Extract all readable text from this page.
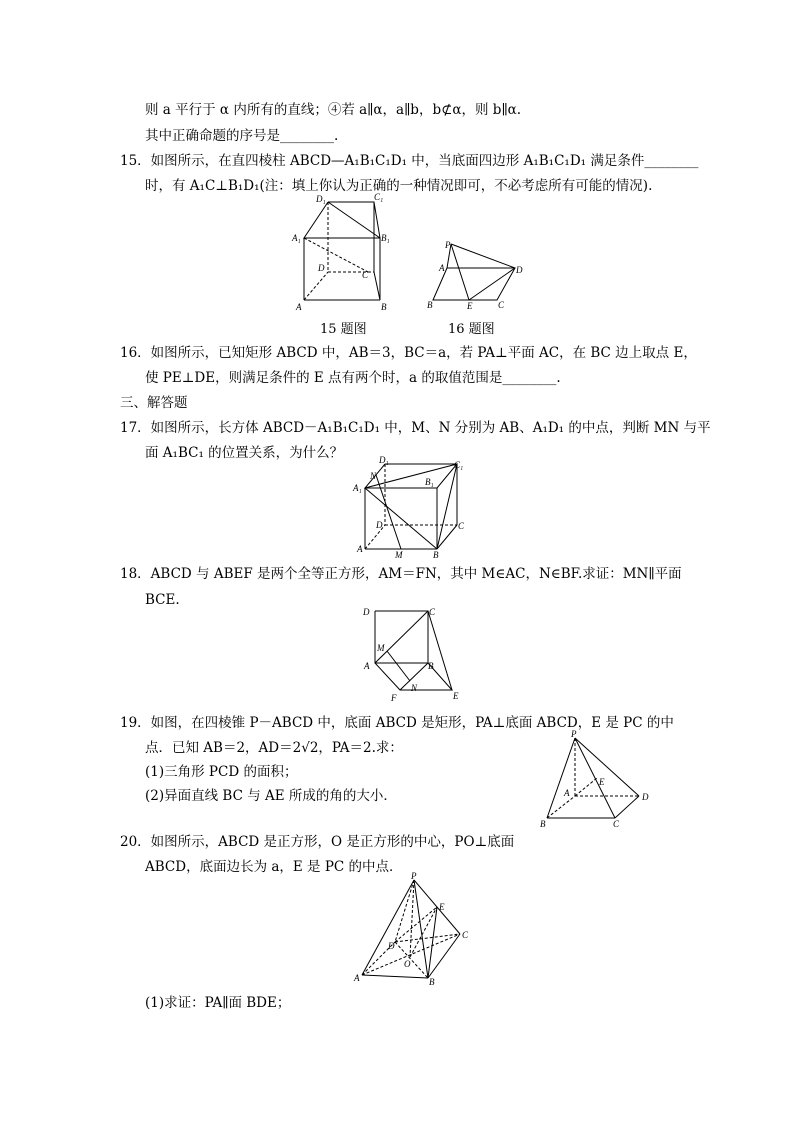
则 a 平行于 α 内所有的直线；④若 a∥α，a∥b，b⊄α，则 b∥α.
其中正确命题的序号是________.
15．如图所示，在直四棱柱 ABCD—A₁B₁C₁D₁ 中，当底面四边形 A₁B₁C₁D₁ 满足条件________
时，有 A₁C⊥B₁D₁(注：填上你认为正确的一种情况即可，不必考虑所有可能的情况).
D₁	C₁
A₁	B₁
D
C
A	B
15 题图
P
A	D
B	E	C
16 题图
16．如图所示，已知矩形 ABCD 中，AB＝3，BC＝a，若 PA⊥平面 AC，在 BC 边上取点 E，
使 PE⊥DE，则满足条件的 E 点有两个时，a 的取值范围是________.
三、解答题
17．如图所示，长方体 ABCD－A₁B₁C₁D₁ 中，M、N 分别为 AB、A₁D₁ 的中点，判断 MN 与平
面 A₁BC₁ 的位置关系，为什么？	D₁	C₁
N
A₁
B₁
D	C
A
M	B
18．ABCD 与 ABEF 是两个全等正方形，AM＝FN，其中 M∈AC，N∈BF.求证：MN∥平面
BCE.
D	C
M
A	B
F
N
E
19．如图，在四棱锥 P－ABCD 中，底面 ABCD 是矩形，PA⊥底面 ABCD，E 是 PC 的中
点．已知 AB＝2，AD＝2√2，PA＝2.求：
(1)三角形 PCD 的面积；
(2)异面直线 BC 与 AE 所成的角的大小．
P
E
A	D
B	C
20．如图所示，ABCD 是正方形，O 是正方形的中心，PO⊥底面
ABCD，底面边长为 a，E 是 PC 的中点．
P
E
D
C
O
A	B
(1)求证：PA∥面 BDE；
